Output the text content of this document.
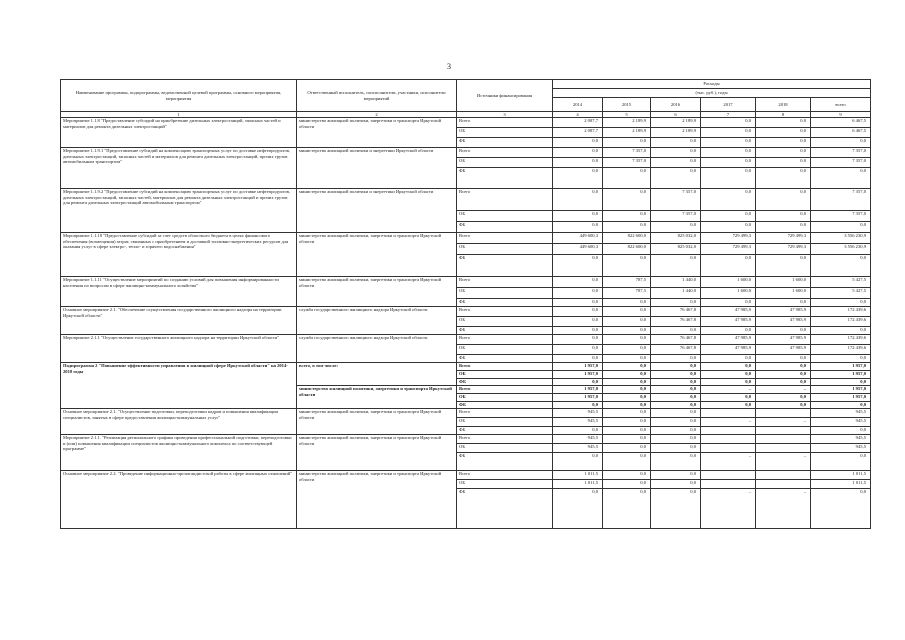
3
Наименование программы, подпрограммы, ведомственной целевой программы, основного мероприятия, мероприятия	Ответственный исполнитель, соисполнители, участники, исполнители мероприятий	Источники финансирования	Расходы					
			(тыс. руб.), годы					
			2014	2015	2016	2017	2018	всего
1	2	3	4	5	6	7	8	9
Мероприятие 1.1.8 "Предоставление субсидий на приобретение дизельных электростанций, запасных частей и материалов для ремонта дизельных электростанций"	министерство жилищной политики, энергетики и транспорта Иркутской области	Всего	2 087,7	2 189,9	2 189,9	0,0	0,0	6 467,5
		ОБ	2 087,7	2 189,9	2 189,9	0,0	0,0	6 467,5
		ФБ	0,0	0,0	0,0	0,0	0,0	0,0
Мероприятие 1.1.9.1 "Предоставление субсидий на компенсацию транспортных услуг по доставке нефтепродуктов, дизельных электростанций, запасных частей и материалов для ремонта дизельных электростанций, прочих грузов автомобильным транспортом"	министерство жилищной политики и энергетики Иркутской области	Всего	0,0	7 357,0	0,0	0,0	0,0	7 357,0
		ОБ	0,0	7 357,0	0,0	0,0	0,0	7 357,0
		ФБ	0,0	0,0	0,0	0,0	0,0	0,0
Мероприятие 1.1.9.2 "Предоставление субсидий на компенсацию транспортных услуг по доставке нефтепродуктов, дизельных электростанций, запасных частей, материалов для ремонта дизельных электростанций и прочих грузов для ремонта дизельных электростанций автомобильным транспортом"	министерство жилищной политики и энергетики Иркутской области	Всего	0,0	0,0	7 357,0	0,0	0,0	7 357,0
		ОБ	0,0	0,0	7 357,0	0,0	0,0	7 357,0
		ФБ	0,0	0,0	0,0	0,0	0,0	0,0
Мероприятие 1.1.10 "Предоставление субсидий за счет средств областного бюджета в целях финансового обеспечения (возмещения) затрат, связанных с приобретением и доставкой топливно-энергетических ресурсов для оказания услуг в сфере электро-, тепло- и горячего водоснабжения"	министерство жилищной политики, энергетики и транспорта Иркутской области	Всего	449 600,3	822 600,0	825 032,0	729 499,3	729 499,3	3 556 230,9
		ОБ	449 600,3	822 600,0	825 032,0	729 499,3	729 499,3	3 556 230,9
		ФБ	0,0	0,0	0,0	0,0	0,0	0,0
Мероприятие 1.1.11 "Осуществление мероприятий по созданию условий для повышения информированности населения по вопросам в сфере жилищно-коммунального хозяйства"	министерство жилищной политики, энергетики и транспорта Иркутской области	Всего	0,0	787,5	1 440,0	1 600,0	1 600,0	5 427,5
		ОБ	0,0	787,5	1 440,0	1 600,0	1 600,0	5 427,5
		ФБ	0,0	0,0	0,0	0,0	0,0	0,0
Основное мероприятие 2.1. "Обеспечение осуществления государственного жилищного надзора на территории Иркутской области"	служба государственного жилищного надзора Иркутской области	Всего	0,0	0,0	76 467,8	47 985,9	47 985,9	172 439,6
		ОБ	0,0	0,0	76 467,8	47 985,9	47 985,9	172 439,6
		ФБ	0,0	0,0	0,0	0,0	0,0	0,0
Мероприятие 2.1.1 "Осуществление государственного жилищного надзора на территории Иркутской области"	служба государственного жилищного надзора Иркутской области	Всего	0,0	0,0	76 467,8	47 985,9	47 985,9	172 439,6
		ОБ	0,0	0,0	76 467,8	47 985,9	47 985,9	172 439,6
		ФБ	0,0	0,0	0,0	0,0	0,0	0,0
Подпрограмма 2 "Повышение эффективности управления в жилищной сфере Иркутской области" на 2014-2018 годы	всего, в том числе:	Всего	1 957,0	0,0	0,0	0,0	0,0	1 957,0
		ОБ	1 957,0	0,0	0,0	0,0	0,0	1 957,0
		ФБ	0,0	0,0	0,0	0,0	0,0	0,0
	министерство жилищной политики, энергетики и транспорта Иркутской области	Всего	1 957,0	0,0	0,0	–	–	1 957,0
		ОБ	1 957,0	0,0	0,0	0,0	0,0	1 957,0
		ФБ	0,0	0,0	0,0	0,0	0,0	0,0
Основное мероприятие 2.1. "Осуществление подготовки, переподготовки кадров и повышения квалификации специалистов, занятых в сфере предоставления жилищно-коммунальных услуг"	министерство жилищной политики, энергетики и транспорта Иркутской области	Всего	945,5	0,0	0,0			945,5
		ОБ	945,5	0,0	0,0	–	–	945,5
		ФБ	0,0	0,0	0,0			0,0
Мероприятие 2.1.1. "Реализация регионального графика проведения профессиональной подготовки, переподготовки и (или) повышения квалификации специалистов жилищно-коммунального комплекса по соответствующей программе"	министерство жилищной политики, энергетики и транспорта Иркутской области	Всего	945,5	0,0	0,0			945,5
		ОБ	945,5	0,0	0,0			945,5
		ФБ	0,0	0,0	0,0	–	–	0,0
Основное мероприятие 2.2. "Проведение информационно-пропагандистской работы в сфере жилищных отношений"	министерство жилищной политики, энергетики и транспорта Иркутской области	Всего	1 011,5	0,0	0,0			1 011,5
		ОБ	1 011,5	0,0	0,0			1 011,5
		ФБ	0,0	0,0	0,0	–	–	0,0
